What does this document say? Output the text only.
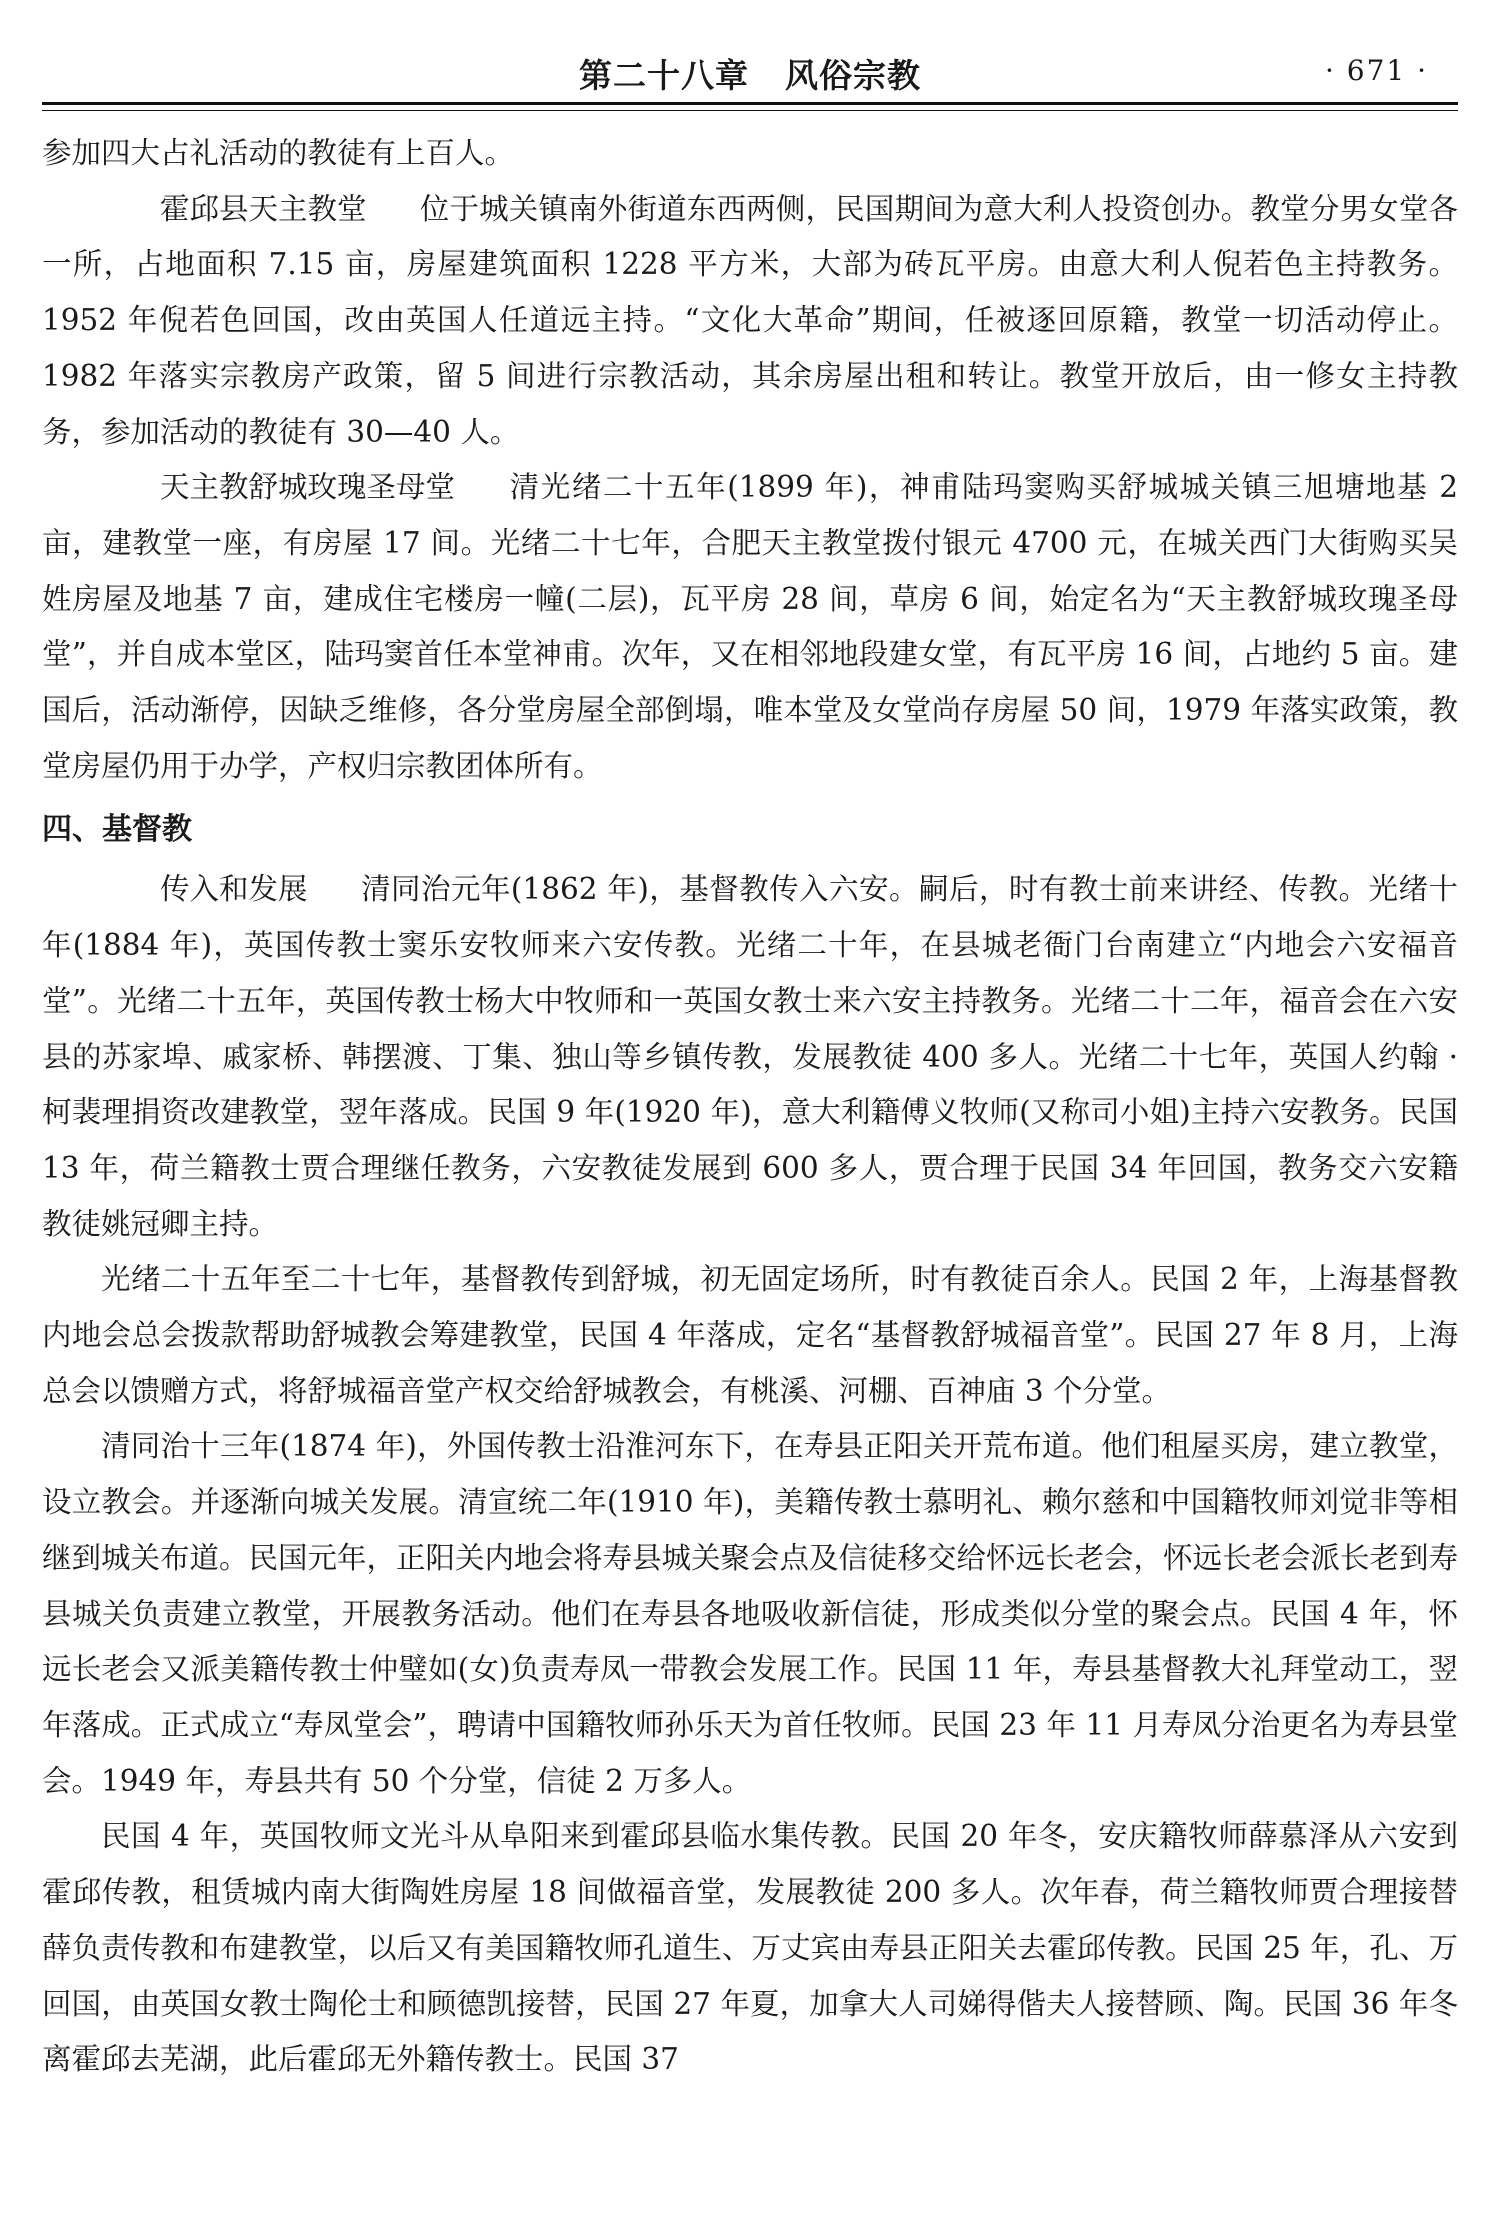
第二十八章 风俗宗教	· 671 ·

参加四大占礼活动的教徒有上百人。

霍邱县天主教堂 位于城关镇南外街道东西两侧，民国期间为意大利人投资创办。教堂分男女堂各一所，占地面积 7.15 亩，房屋建筑面积 1228 平方米，大部为砖瓦平房。由意大利人倪若色主持教务。1952 年倪若色回国，改由英国人任道远主持。“文化大革命”期间，任被逐回原籍，教堂一切活动停止。1982 年落实宗教房产政策，留 5 间进行宗教活动，其余房屋出租和转让。教堂开放后，由一修女主持教务，参加活动的教徒有 30—40 人。

天主教舒城玫瑰圣母堂 清光绪二十五年(1899 年)，神甫陆玛窦购买舒城城关镇三旭塘地基 2 亩，建教堂一座，有房屋 17 间。光绪二十七年，合肥天主教堂拨付银元 4700 元，在城关西门大街购买吴姓房屋及地基 7 亩，建成住宅楼房一幢(二层)，瓦平房 28 间，草房 6 间，始定名为“天主教舒城玫瑰圣母堂”，并自成本堂区，陆玛窦首任本堂神甫。次年，又在相邻地段建女堂，有瓦平房 16 间，占地约 5 亩。建国后，活动渐停，因缺乏维修，各分堂房屋全部倒塌，唯本堂及女堂尚存房屋 50 间，1979 年落实政策，教堂房屋仍用于办学，产权归宗教团体所有。

四、基督教

传入和发展 清同治元年(1862 年)，基督教传入六安。嗣后，时有教士前来讲经、传教。光绪十年(1884 年)，英国传教士窦乐安牧师来六安传教。光绪二十年，在县城老衙门台南建立“内地会六安福音堂”。光绪二十五年，英国传教士杨大中牧师和一英国女教士来六安主持教务。光绪二十二年，福音会在六安县的苏家埠、戚家桥、韩摆渡、丁集、独山等乡镇传教，发展教徒 400 多人。光绪二十七年，英国人约翰 · 柯裴理捐资改建教堂，翌年落成。民国 9 年(1920 年)，意大利籍傅义牧师(又称司小姐)主持六安教务。民国 13 年，荷兰籍教士贾合理继任教务，六安教徒发展到 600 多人，贾合理于民国 34 年回国，教务交六安籍教徒姚冠卿主持。

光绪二十五年至二十七年，基督教传到舒城，初无固定场所，时有教徒百余人。民国 2 年，上海基督教内地会总会拨款帮助舒城教会筹建教堂，民国 4 年落成，定名“基督教舒城福音堂”。民国 27 年 8 月，上海总会以馈赠方式，将舒城福音堂产权交给舒城教会，有桃溪、河棚、百神庙 3 个分堂。

清同治十三年(1874 年)，外国传教士沿淮河东下，在寿县正阳关开荒布道。他们租屋买房，建立教堂，设立教会。并逐渐向城关发展。清宣统二年(1910 年)，美籍传教士慕明礼、赖尔慈和中国籍牧师刘觉非等相继到城关布道。民国元年，正阳关内地会将寿县城关聚会点及信徒移交给怀远长老会，怀远长老会派长老到寿县城关负责建立教堂，开展教务活动。他们在寿县各地吸收新信徒，形成类似分堂的聚会点。民国 4 年，怀远长老会又派美籍传教士仲璧如(女)负责寿凤一带教会发展工作。民国 11 年，寿县基督教大礼拜堂动工，翌年落成。正式成立“寿凤堂会”，聘请中国籍牧师孙乐天为首任牧师。民国 23 年 11 月寿凤分治更名为寿县堂会。1949 年，寿县共有 50 个分堂，信徒 2 万多人。

民国 4 年，英国牧师文光斗从阜阳来到霍邱县临水集传教。民国 20 年冬，安庆籍牧师薛慕泽从六安到霍邱传教，租赁城内南大街陶姓房屋 18 间做福音堂，发展教徒 200 多人。次年春，荷兰籍牧师贾合理接替薛负责传教和布建教堂，以后又有美国籍牧师孔道生、万丈宾由寿县正阳关去霍邱传教。民国 25 年，孔、万回国，由英国女教士陶伦士和顾德凯接替，民国 27 年夏，加拿大人司娣得偕夫人接替顾、陶。民国 36 年冬离霍邱去芜湖，此后霍邱无外籍传教士。民国 37
